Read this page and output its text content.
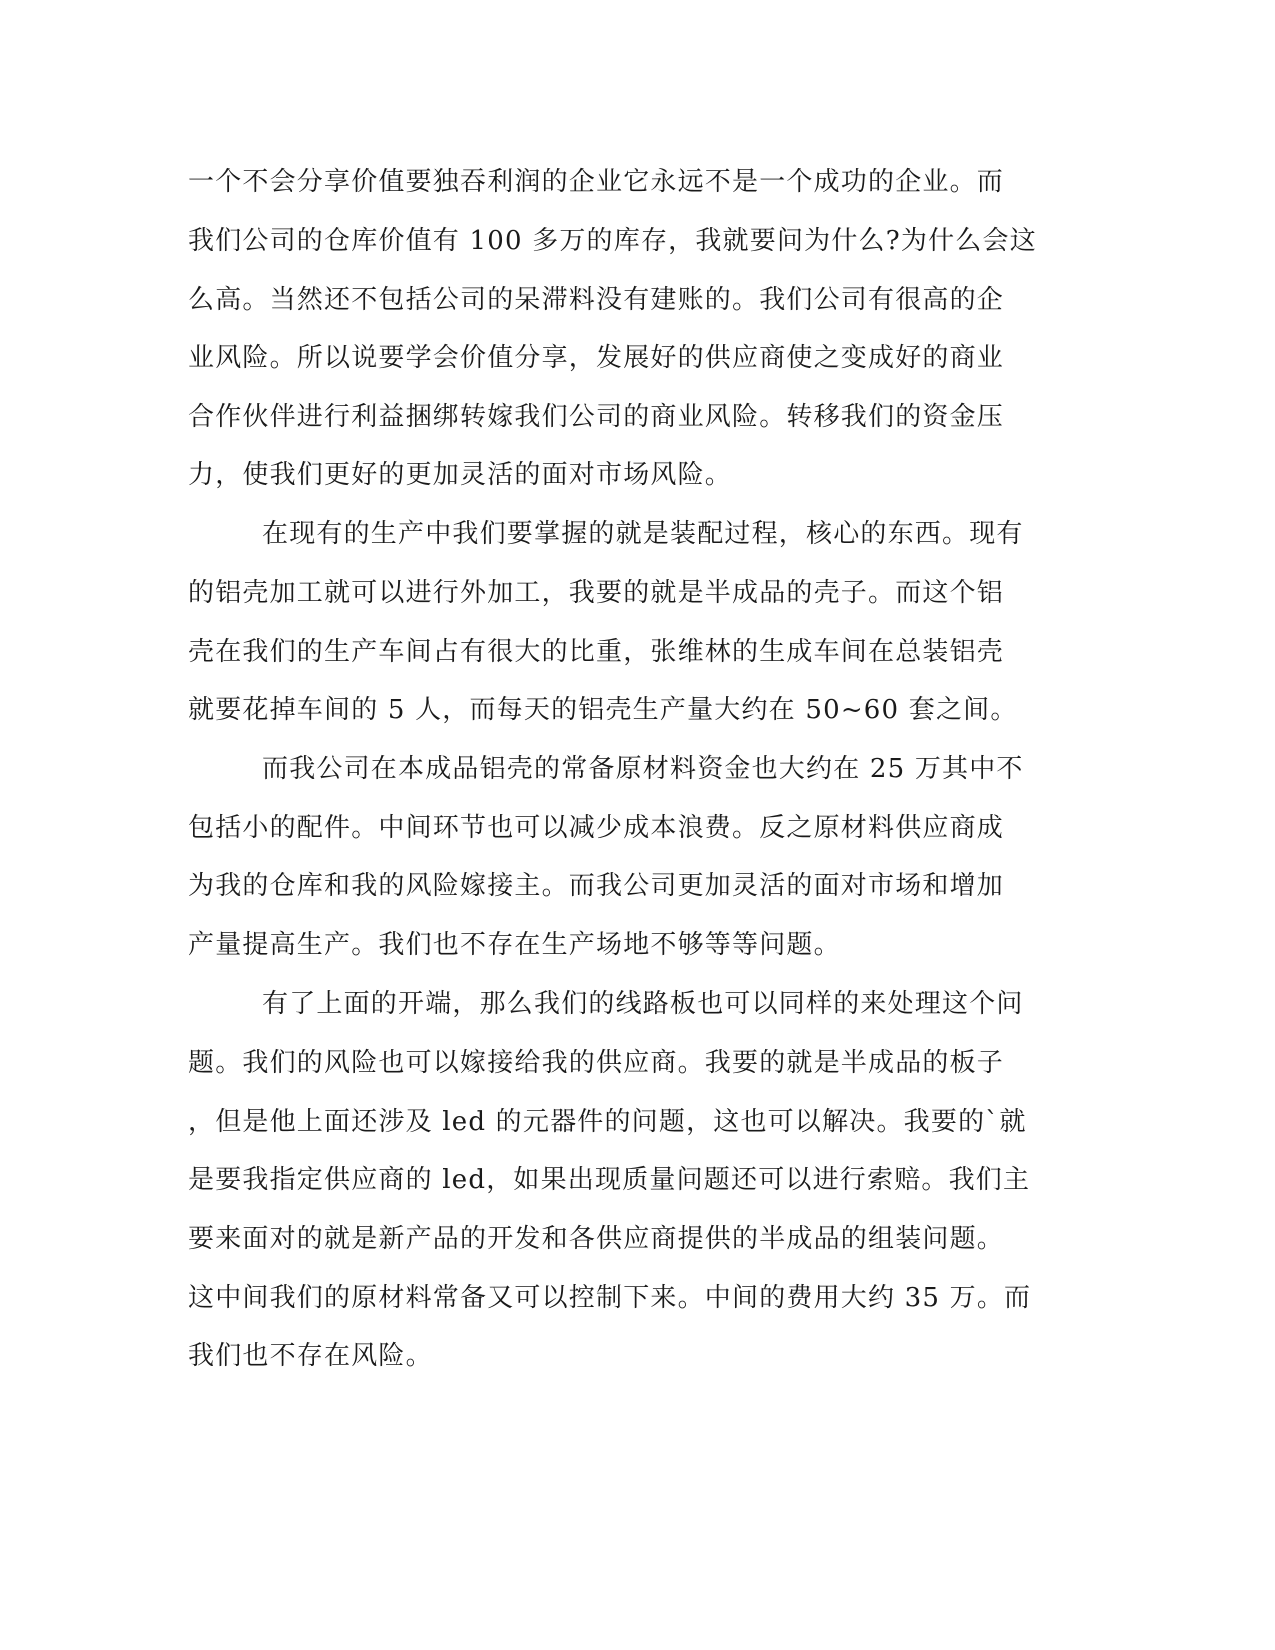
一个不会分享价值要独吞利润的企业它永远不是一个成功的企业。而
我们公司的仓库价值有 100 多万的库存，我就要问为什么?为什么会这
么高。当然还不包括公司的呆滞料没有建账的。我们公司有很高的企
业风险。所以说要学会价值分享，发展好的供应商使之变成好的商业
合作伙伴进行利益捆绑转嫁我们公司的商业风险。转移我们的资金压
力，使我们更好的更加灵活的面对市场风险。
在现有的生产中我们要掌握的就是装配过程，核心的东西。现有
的铝壳加工就可以进行外加工，我要的就是半成品的壳子。而这个铝
壳在我们的生产车间占有很大的比重，张维林的生成车间在总装铝壳
就要花掉车间的 5 人，而每天的铝壳生产量大约在 50~60 套之间。
而我公司在本成品铝壳的常备原材料资金也大约在 25 万其中不
包括小的配件。中间环节也可以减少成本浪费。反之原材料供应商成
为我的仓库和我的风险嫁接主。而我公司更加灵活的面对市场和增加
产量提高生产。我们也不存在生产场地不够等等问题。
有了上面的开端，那么我们的线路板也可以同样的来处理这个问
题。我们的风险也可以嫁接给我的供应商。我要的就是半成品的板子
，但是他上面还涉及 led 的元器件的问题，这也可以解决。我要的`就
是要我指定供应商的 led，如果出现质量问题还可以进行索赔。我们主
要来面对的就是新产品的开发和各供应商提供的半成品的组装问题。
这中间我们的原材料常备又可以控制下来。中间的费用大约 35 万。而
我们也不存在风险。
